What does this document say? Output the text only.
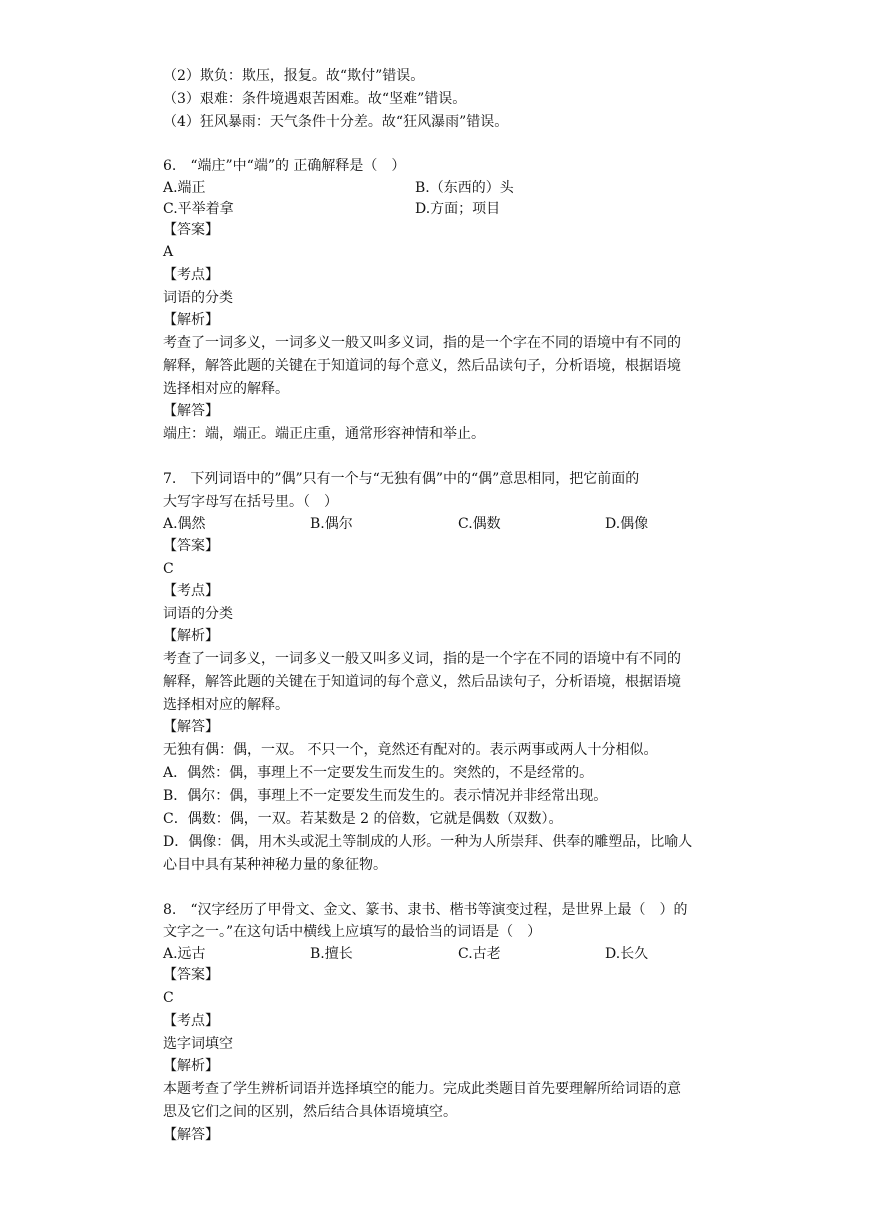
（2）欺负：欺压，报复。故“欺付”错误。
（3）艰难：条件境遇艰苦困难。故“坚难”错误。
（4）狂风暴雨：天气条件十分差。故“狂风瀑雨”错误。
6.　“端庄”中“端”的 正确解释是（　）
A.端正	B.（东西的）头
C.平举着拿	D.方面；项目
【答案】
A
【考点】
词语的分类
【解析】
考查了一词多义，一词多义一般又叫多义词，指的是一个字在不同的语境中有不同的
解释，解答此题的关键在于知道词的每个意义，然后品读句子，分析语境，根据语境
选择相对应的解释。
【解答】
端庄：端，端正。端正庄重，通常形容神情和举止。
7.　下列词语中的”偶”只有一个与“无独有偶”中的“偶”意思相同，把它前面的
大写字母写在括号里。（　）
A.偶然	B.偶尔	C.偶数	D.偶像
【答案】
C
【考点】
词语的分类
【解析】
考查了一词多义，一词多义一般又叫多义词，指的是一个字在不同的语境中有不同的
解释，解答此题的关键在于知道词的每个意义，然后品读句子，分析语境，根据语境
选择相对应的解释。
【解答】
无独有偶：偶，一双。 不只一个，竟然还有配对的。表示两事或两人十分相似。
A．偶然：偶，事理上不一定要发生而发生的。突然的，不是经常的。
B．偶尔：偶，事理上不一定要发生而发生的。表示情况并非经常出现。
C．偶数：偶，一双。若某数是 2 的倍数，它就是偶数（双数）。
D．偶像：偶，用木头或泥土等制成的人形。一种为人所崇拜、供奉的雕塑品，比喻人
心目中具有某种神秘力量的象征物。
8.　“汉字经历了甲骨文、金文、篆书、隶书、楷书等演变过程，是世界上最（　）的
文字之一。”在这句话中横线上应填写的最恰当的词语是（　）
A.远古	B.擅长	C.古老	D.长久
【答案】
C
【考点】
选字词填空
【解析】
本题考查了学生辨析词语并选择填空的能力。完成此类题目首先要理解所给词语的意
思及它们之间的区别，然后结合具体语境填空。
【解答】
